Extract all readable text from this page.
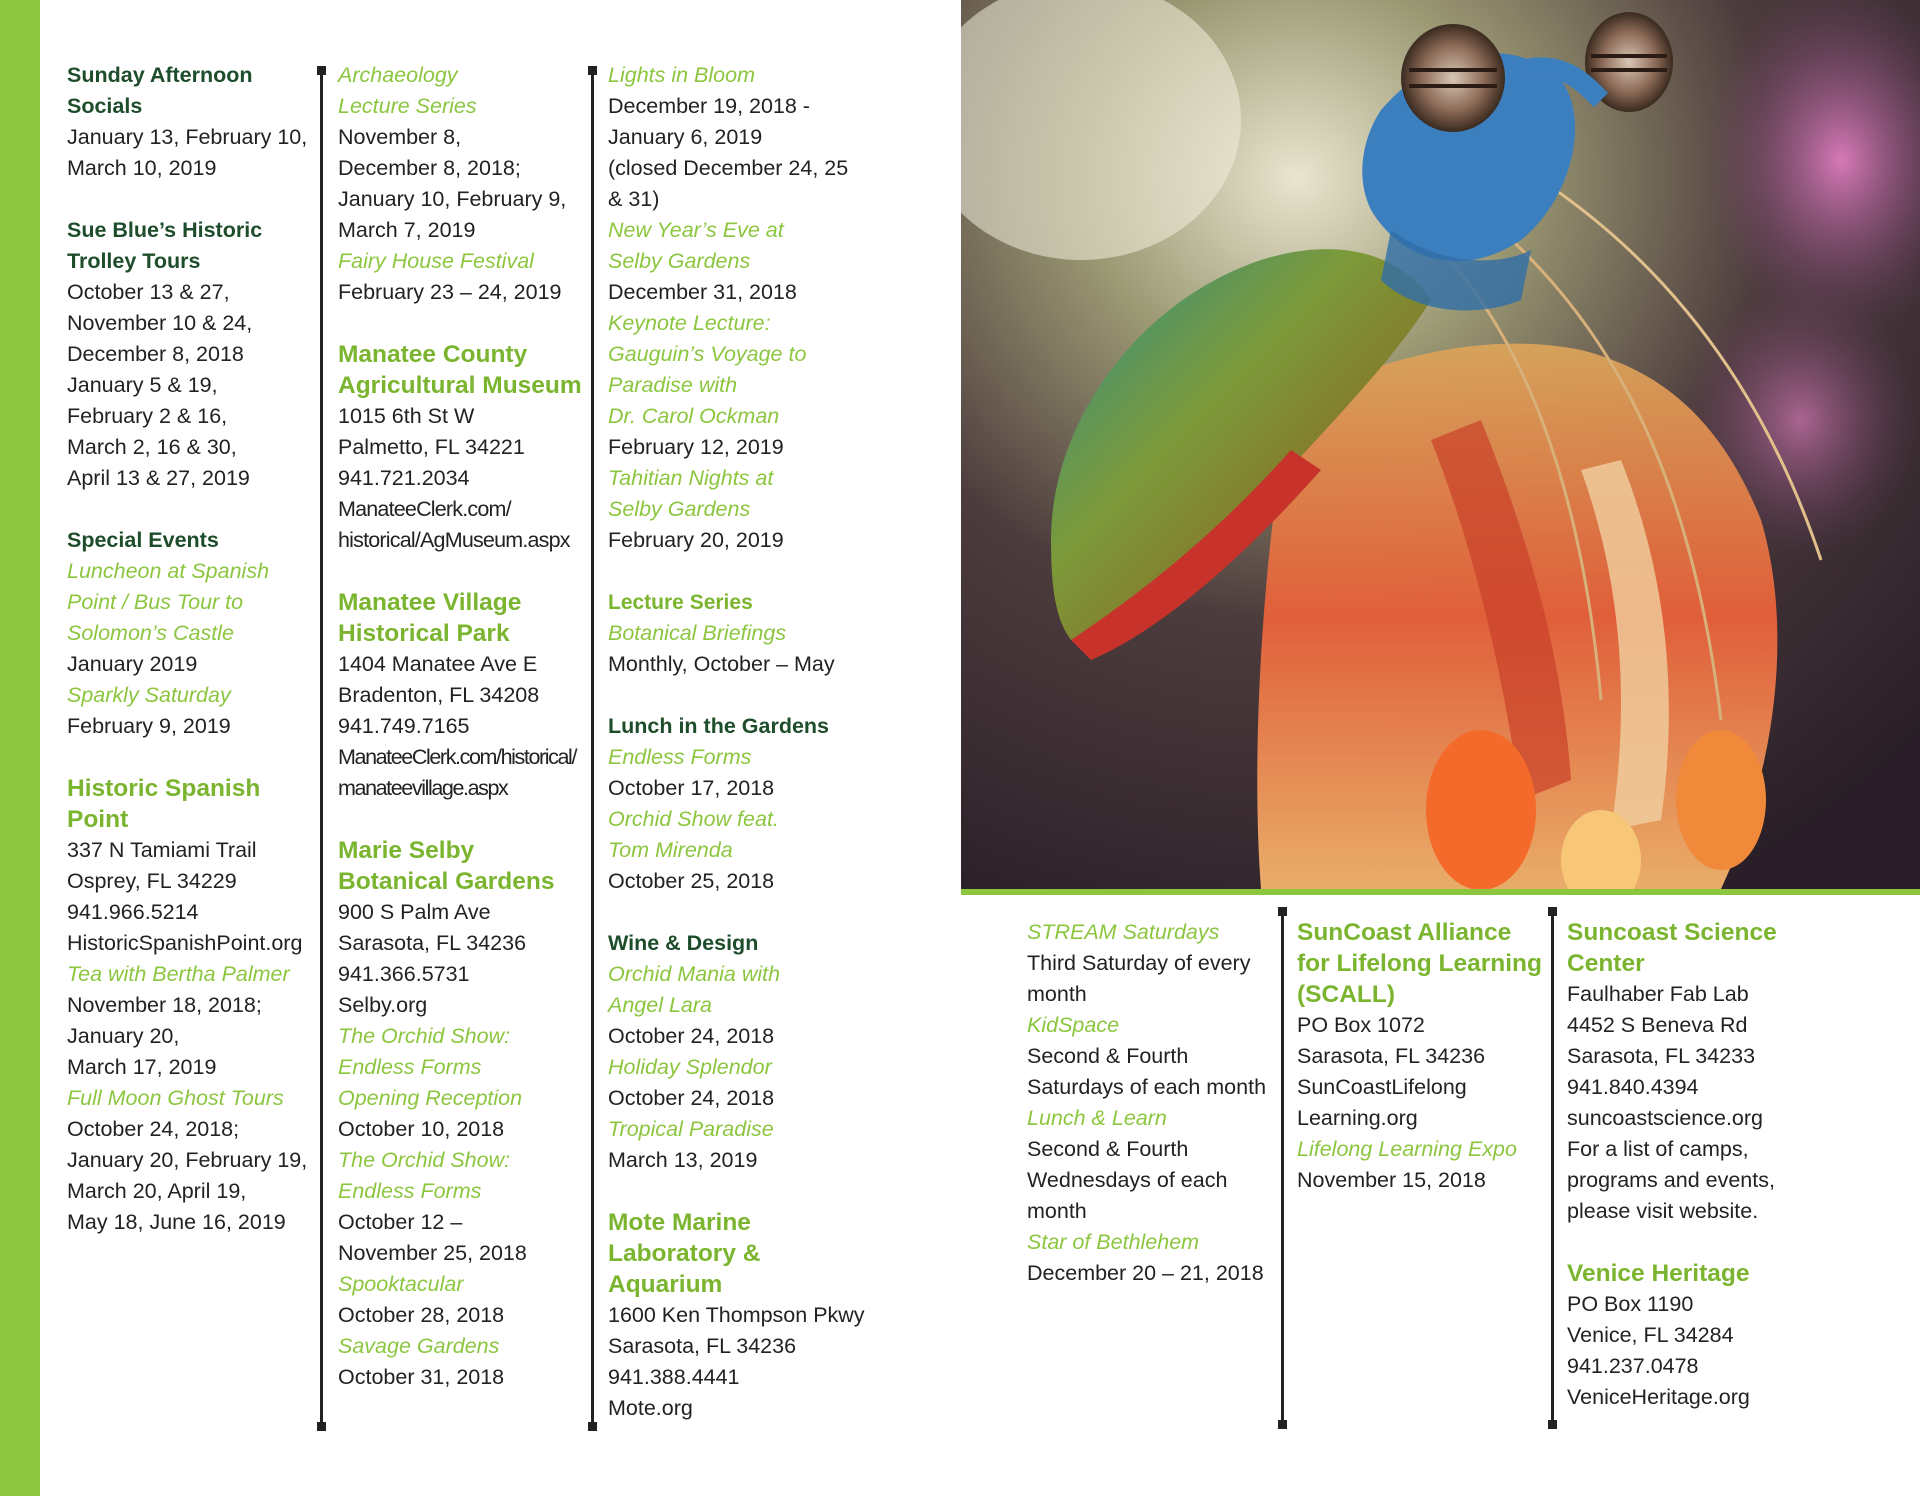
Sunday Afternoon
Socials

January 13, February 10,

March 10, 2019

Sue Blue’s Historic
Trolley Tours

October 13 & 27,

November 10 & 24,

December 8, 2018

January 5 & 19,

February 2 & 16,

March 2, 16 & 30,

April 13 & 27, 2019

Special Events

Luncheon at Spanish
Point / Bus Tour to
Solomon’s Castle

January 2019

Sparkly Saturday

February 9, 2019

Historic Spanish
Point

337 N Tamiami Trail

Osprey, FL 34229

941.966.5214

HistoricSpanishPoint.org

Tea with Bertha Palmer

November 18, 2018;

January 20,

March 17, 2019

Full Moon Ghost Tours

October 24, 2018;

January 20, February 19,

March 20, April 19,

May 18, June 16, 2019

Archaeology
Lecture Series

November 8,

December 8, 2018;

January 10, February 9,

March 7, 2019

Fairy House Festival

February 23 – 24, 2019

Manatee County
Agricultural Museum

1015 6th St W

Palmetto, FL 34221

941.721.2034

ManateeClerk.com/
historical/AgMuseum.aspx

Manatee Village
Historical Park

1404 Manatee Ave E

Bradenton, FL 34208

941.749.7165

ManateeClerk.com/historical/
manateevillage.aspx

Marie Selby
Botanical Gardens

900 S Palm Ave

Sarasota, FL 34236

941.366.5731

Selby.org

The Orchid Show:
Endless Forms
Opening Reception

October 10, 2018

The Orchid Show:
Endless Forms

October 12 –

November 25, 2018

Spooktacular

October 28, 2018

Savage Gardens

October 31, 2018

Lights in Bloom

December 19, 2018 -

January 6, 2019

(closed December 24, 25

& 31)

New Year’s Eve at
Selby Gardens

December 31, 2018

Keynote Lecture:
Gauguin’s Voyage to
Paradise with
Dr. Carol Ockman

February 12, 2019

Tahitian Nights at
Selby Gardens

February 20, 2019

Lecture Series

Botanical Briefings

Monthly, October – May

Lunch in the Gardens

Endless Forms

October 17, 2018

Orchid Show feat.
Tom Mirenda

October 25, 2018

Wine & Design

Orchid Mania with
Angel Lara

October 24, 2018

Holiday Splendor

October 24, 2018

Tropical Paradise

March 13, 2019

Mote Marine
Laboratory &
Aquarium

1600 Ken Thompson Pkwy

Sarasota, FL 34236

941.388.4441

Mote.org

STREAM Saturdays

Third Saturday of every

month

KidSpace

Second & Fourth

Saturdays of each month

Lunch & Learn

Second & Fourth

Wednesdays of each

month

Star of Bethlehem

December 20 – 21, 2018

SunCoast Alliance
for Lifelong Learning
(SCALL)

PO Box 1072

Sarasota, FL 34236

SunCoastLifelong
Learning.org

Lifelong Learning Expo

November 15, 2018

Suncoast Science
Center

Faulhaber Fab Lab

4452 S Beneva Rd

Sarasota, FL 34233

941.840.4394

suncoastscience.org

For a list of camps,

programs and events,

please visit website.

Venice Heritage

PO Box 1190

Venice, FL 34284

941.237.0478

VeniceHeritage.org
